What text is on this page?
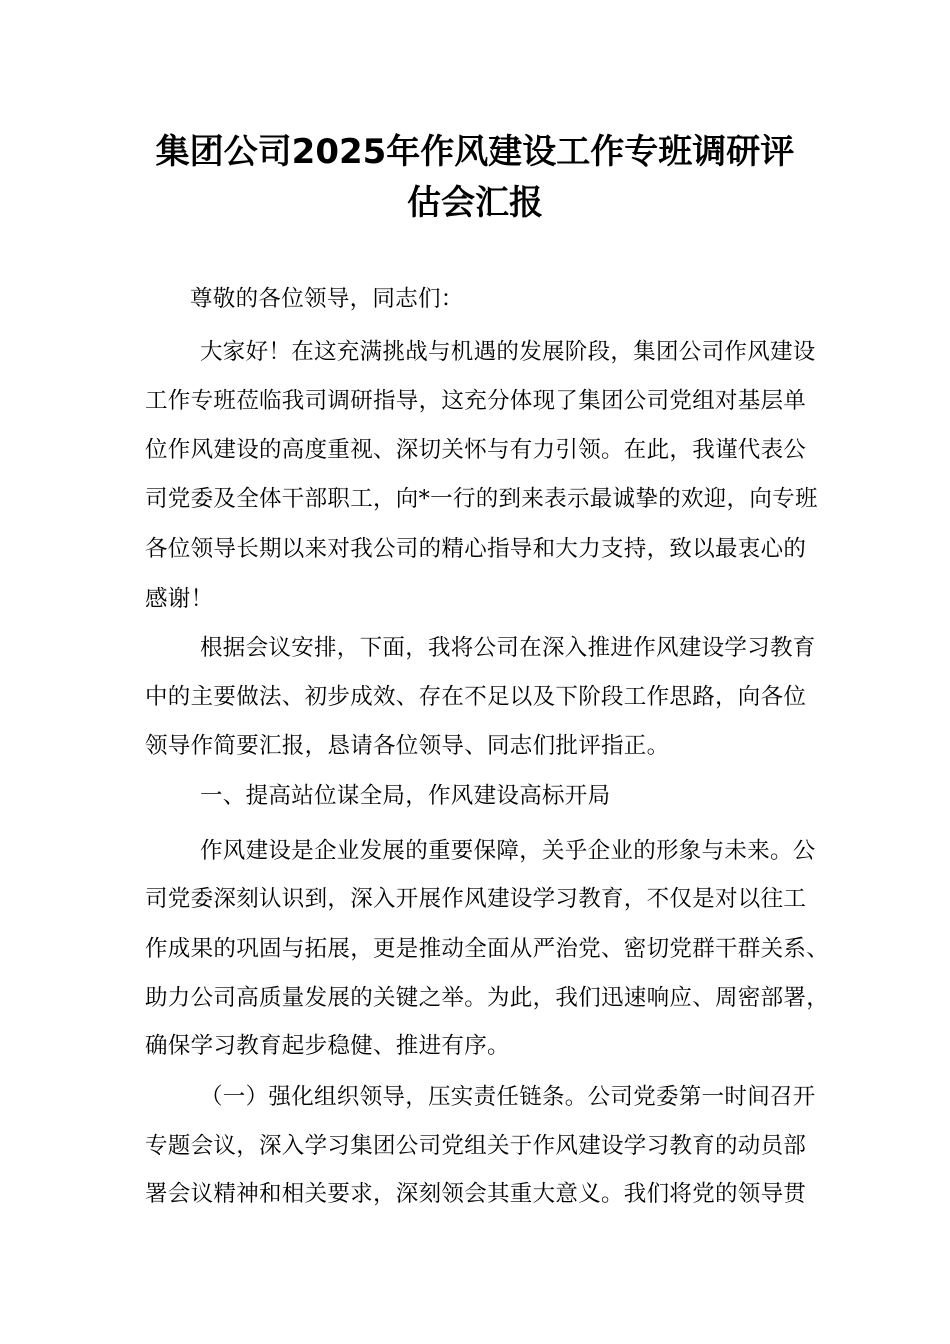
集团公司2025年作风建设工作专班调研评
估会汇报
尊敬的各位领导，同志们：
大家好！在这充满挑战与机遇的发展阶段，集团公司作风建设
工作专班莅临我司调研指导，这充分体现了集团公司党组对基层单
位作风建设的高度重视、深切关怀与有力引领。在此，我谨代表公
司党委及全体干部职工，向*一行的到来表示最诚挚的欢迎，向专班
各位领导长期以来对我公司的精心指导和大力支持，致以最衷心的
感谢！
根据会议安排，下面，我将公司在深入推进作风建设学习教育
中的主要做法、初步成效、存在不足以及下阶段工作思路，向各位
领导作简要汇报，恳请各位领导、同志们批评指正。
一、提高站位谋全局，作风建设高标开局
作风建设是企业发展的重要保障，关乎企业的形象与未来。公
司党委深刻认识到，深入开展作风建设学习教育，不仅是对以往工
作成果的巩固与拓展，更是推动全面从严治党、密切党群干群关系、
助力公司高质量发展的关键之举。为此，我们迅速响应、周密部署，
确保学习教育起步稳健、推进有序。
（一）强化组织领导，压实责任链条。公司党委第一时间召开
专题会议，深入学习集团公司党组关于作风建设学习教育的动员部
署会议精神和相关要求，深刻领会其重大意义。我们将党的领导贯
